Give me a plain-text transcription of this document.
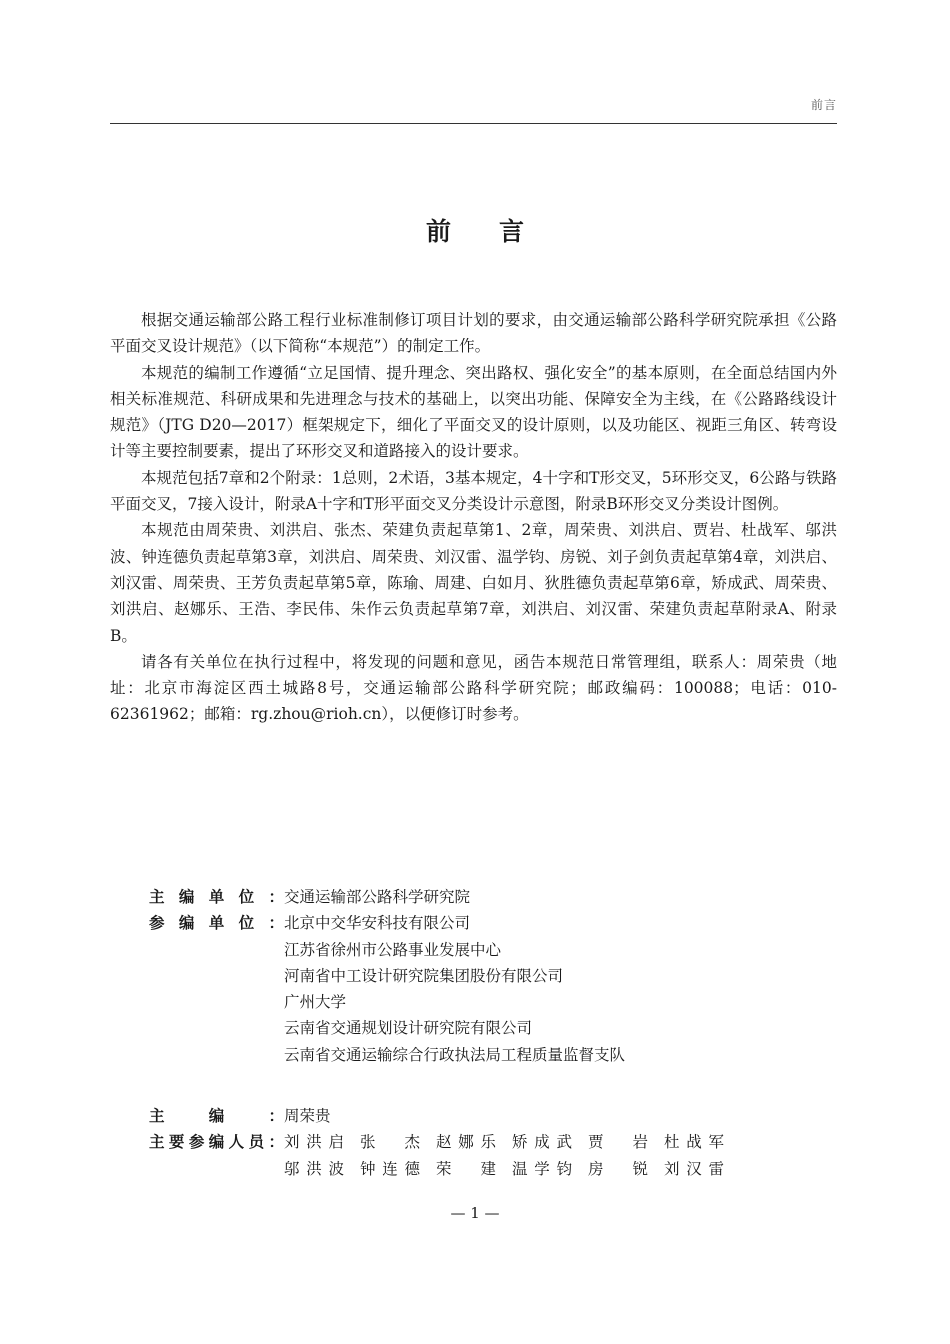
前言
前言

根据交通运输部公路工程行业标准制修订项目计划的要求，由交通运输部公路科学研究院承担《公路平面交叉设计规范》（以下简称“本规范”）的制定工作。

本规范的编制工作遵循“立足国情、提升理念、突出路权、强化安全”的基本原则，在全面总结国内外相关标准规范、科研成果和先进理念与技术的基础上，以突出功能、保障安全为主线，在《公路路线设计规范》（JTG D20—2017）框架规定下，细化了平面交叉的设计原则，以及功能区、视距三角区、转弯设计等主要控制要素，提出了环形交叉和道路接入的设计要求。

本规范包括7章和2个附录：1总则，2术语，3基本规定，4十字和T形交叉，5环形交叉，6公路与铁路平面交叉，7接入设计，附录A十字和T形平面交叉分类设计示意图，附录B环形交叉分类设计图例。

本规范由周荣贵、刘洪启、张杰、荣建负责起草第1、2章，周荣贵、刘洪启、贾岩、杜战军、邬洪波、钟连德负责起草第3章，刘洪启、周荣贵、刘汉雷、温学钧、房锐、刘子剑负责起草第4章，刘洪启、刘汉雷、周荣贵、王芳负责起草第5章，陈瑜、周建、白如月、狄胜德负责起草第6章，矫成武、周荣贵、刘洪启、赵娜乐、王浩、李民伟、朱作云负责起草第7章，刘洪启、刘汉雷、荣建负责起草附录A、附录B。

请各有关单位在执行过程中，将发现的问题和意见，函告本规范日常管理组，联系人：周荣贵（地址：北京市海淀区西土城路8号，交通运输部公路科学研究院；邮政编码：100088；电话：010-62361962；邮箱：rg.zhou@rioh.cn），以便修订时参考。

主编单位： 交通运输部公路科学研究院
参编单位： 北京中交华安科技有限公司
江苏省徐州市公路事业发展中心
河南省中工设计研究院集团股份有限公司
广州大学
云南省交通规划设计研究院有限公司
云南省交通运输综合行政执法局工程质量监督支队
主编： 周荣贵
主要参编人员： 刘洪启	张杰	赵娜乐	矫成武	贾岩	杜战军
邬洪波	钟连德	荣建	温学钧	房锐	刘汉雷
— 1 —
